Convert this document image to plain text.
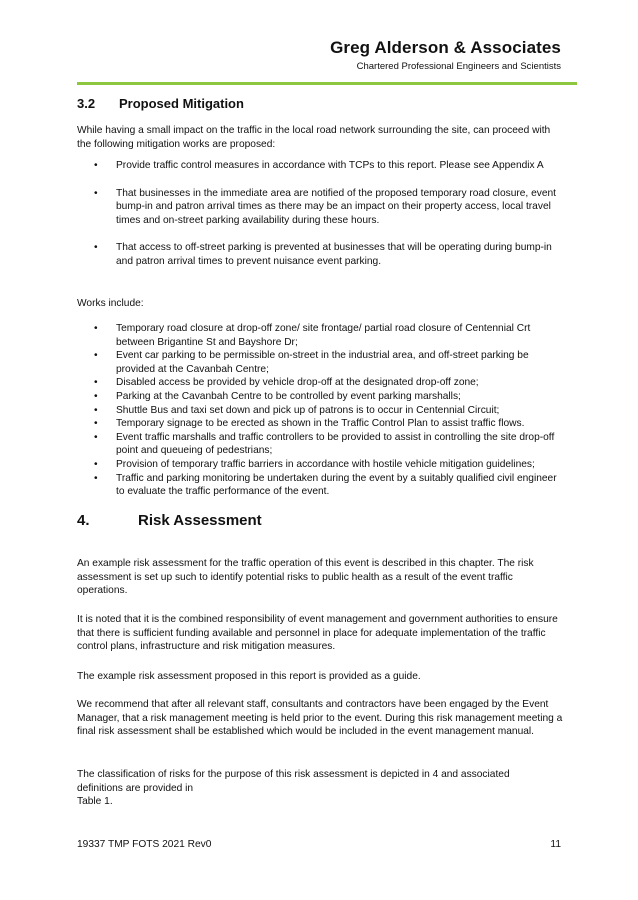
Greg Alderson & Associates
Chartered Professional Engineers and Scientists
3.2 Proposed Mitigation
While having a small impact on the traffic in the local road network surrounding the site, can proceed with the following mitigation works are proposed:
• Provide traffic control measures in accordance with TCPs to this report. Please see Appendix A
• That businesses in the immediate area are notified of the proposed temporary road closure, event bump-in and patron arrival times as there may be an impact on their property access, local travel times and on-street parking availability during these hours.
• That access to off-street parking is prevented at businesses that will be operating during bump-in and patron arrival times to prevent nuisance event parking.
Works include:
• Temporary road closure at drop-off zone/ site frontage/ partial road closure of Centennial Crt between Brigantine St and Bayshore Dr;
• Event car parking to be permissible on-street in the industrial area, and off-street parking be provided at the Cavanbah Centre;
• Disabled access be provided by vehicle drop-off at the designated drop-off zone;
• Parking at the Cavanbah Centre to be controlled by event parking marshalls;
• Shuttle Bus and taxi set down and pick up of patrons is to occur in Centennial Circuit;
• Temporary signage to be erected as shown in the Traffic Control Plan to assist traffic flows.
• Event traffic marshalls and traffic controllers to be provided to assist in controlling the site drop-off point and queueing of pedestrians;
• Provision of temporary traffic barriers in accordance with hostile vehicle mitigation guidelines;
• Traffic and parking monitoring be undertaken during the event by a suitably qualified civil engineer to evaluate the traffic performance of the event.
4.	Risk Assessment
An example risk assessment for the traffic operation of this event is described in this chapter. The risk assessment is set up such to identify potential risks to public health as a result of the event traffic operations.
It is noted that it is the combined responsibility of event management and government authorities to ensure that there is sufficient funding available and personnel in place for adequate implementation of the traffic control plans, infrastructure and risk mitigation measures.
The example risk assessment proposed in this report is provided as a guide.
We recommend that after all relevant staff, consultants and contractors have been engaged by the Event Manager, that a risk management meeting is held prior to the event. During this risk management meeting a final risk assessment shall be established which would be included in the event management manual.
The classification of risks for the purpose of this risk assessment is depicted in 4 and associated definitions are provided in
Table 1.
19337 TMP FOTS 2021 Rev0	11
